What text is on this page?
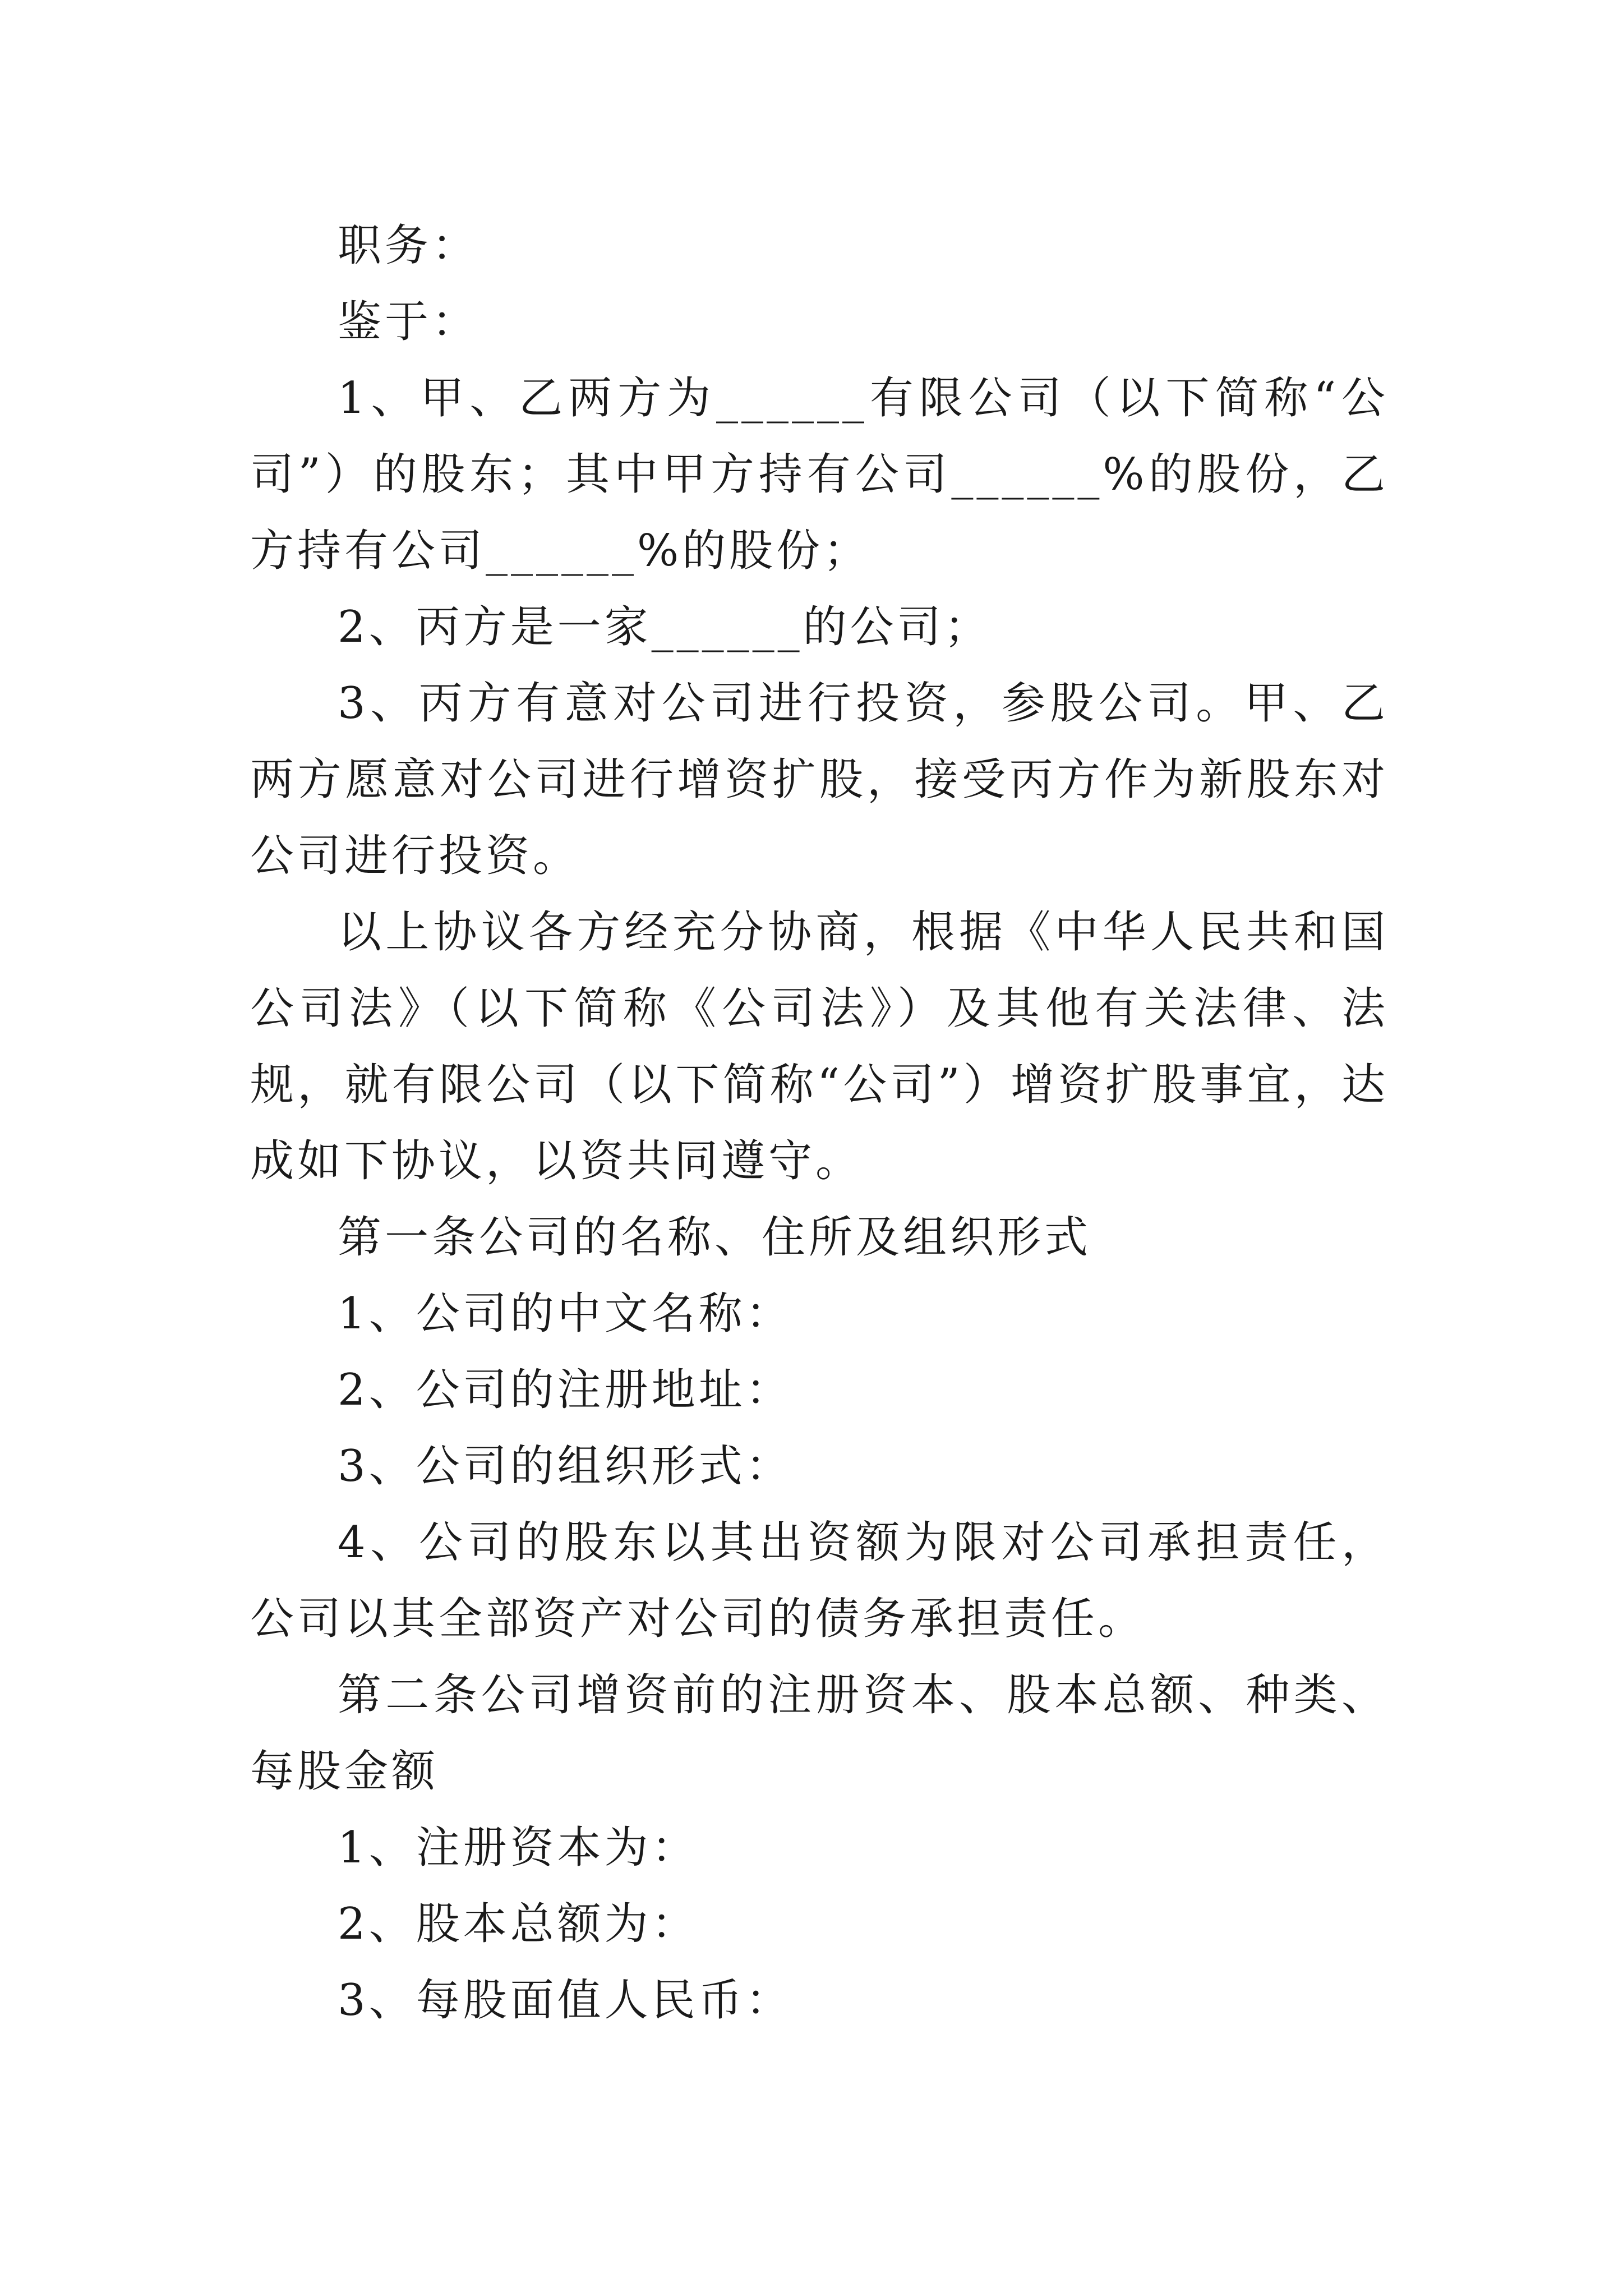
职务：

鉴于：

1、甲、乙两方为______有限公司（以下简称“公司”）的股东；其中甲方持有公司______%的股份，乙方持有公司______%的股份；

2、丙方是一家______的公司；

3、丙方有意对公司进行投资，参股公司。甲、乙两方愿意对公司进行增资扩股，接受丙方作为新股东对公司进行投资。

以上协议各方经充分协商，根据《中华人民共和国公司法》（以下简称《公司法》）及其他有关法律、法规，就有限公司（以下简称“公司”）增资扩股事宜，达成如下协议，以资共同遵守。

第一条公司的名称、住所及组织形式

1、公司的中文名称：

2、公司的注册地址：

3、公司的组织形式：

4、公司的股东以其出资额为限对公司承担责任，公司以其全部资产对公司的债务承担责任。

第二条公司增资前的注册资本、股本总额、种类、每股金额

1、注册资本为：

2、股本总额为：

3、每股面值人民币：
